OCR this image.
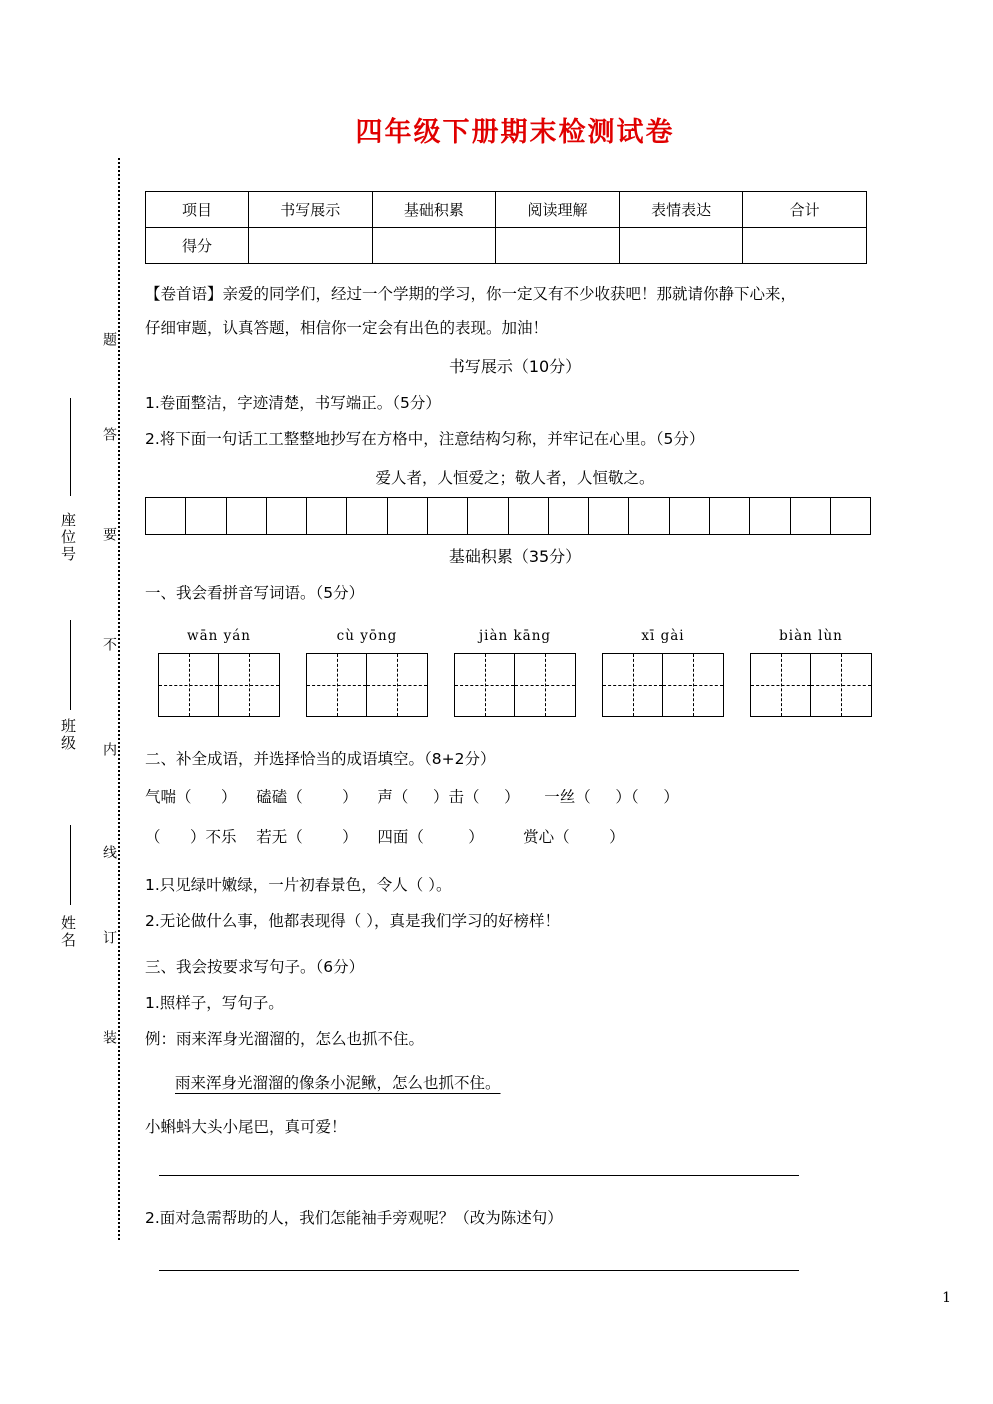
题
答
要
不
内
线
订
装
座位号
班级
姓名
四年级下册期末检测试卷
项目	书写展示	基础积累	阅读理解	表情表达	合计
得分					

【卷首语】亲爱的同学们，经过一个学期的学习，你一定又有不少收获吧！那就请你静下心来，

仔细审题，认真答题，相信你一定会有出色的表现。加油！

书写展示（10分）

1.卷面整洁，字迹清楚，书写端正。（5分）

2.将下面一句话工工整整地抄写在方格中，注意结构匀称，并牢记在心里。（5分）

爱人者，人恒爱之；敬人者，人恒敬之。

基础积累（35分）

一、我会看拼音写词语。（5分）

wān yán	cù yōng	jiàn kāng	xī gài	biàn lùn

二、补全成语，并选择恰当的成语填空。（8+2分）

气喘（      ）    磕磕（        ）    声（     ）击（     ）     一丝（     ）（     ）

（      ）不乐    若无（        ）    四面（         ）        赏心（        ）

1.只见绿叶嫩绿，一片初春景色，令人（ ）。

2.无论做什么事，他都表现得（ ），真是我们学习的好榜样！

三、我会按要求写句子。（6分）

1.照样子，写句子。

例：雨来浑身光溜溜的，怎么也抓不住。

雨来浑身光溜溜的像条小泥鳅，怎么也抓不住。

小蝌蚪大头小尾巴，真可爱！

2.面对急需帮助的人，我们怎能袖手旁观呢？（改为陈述句）

1
